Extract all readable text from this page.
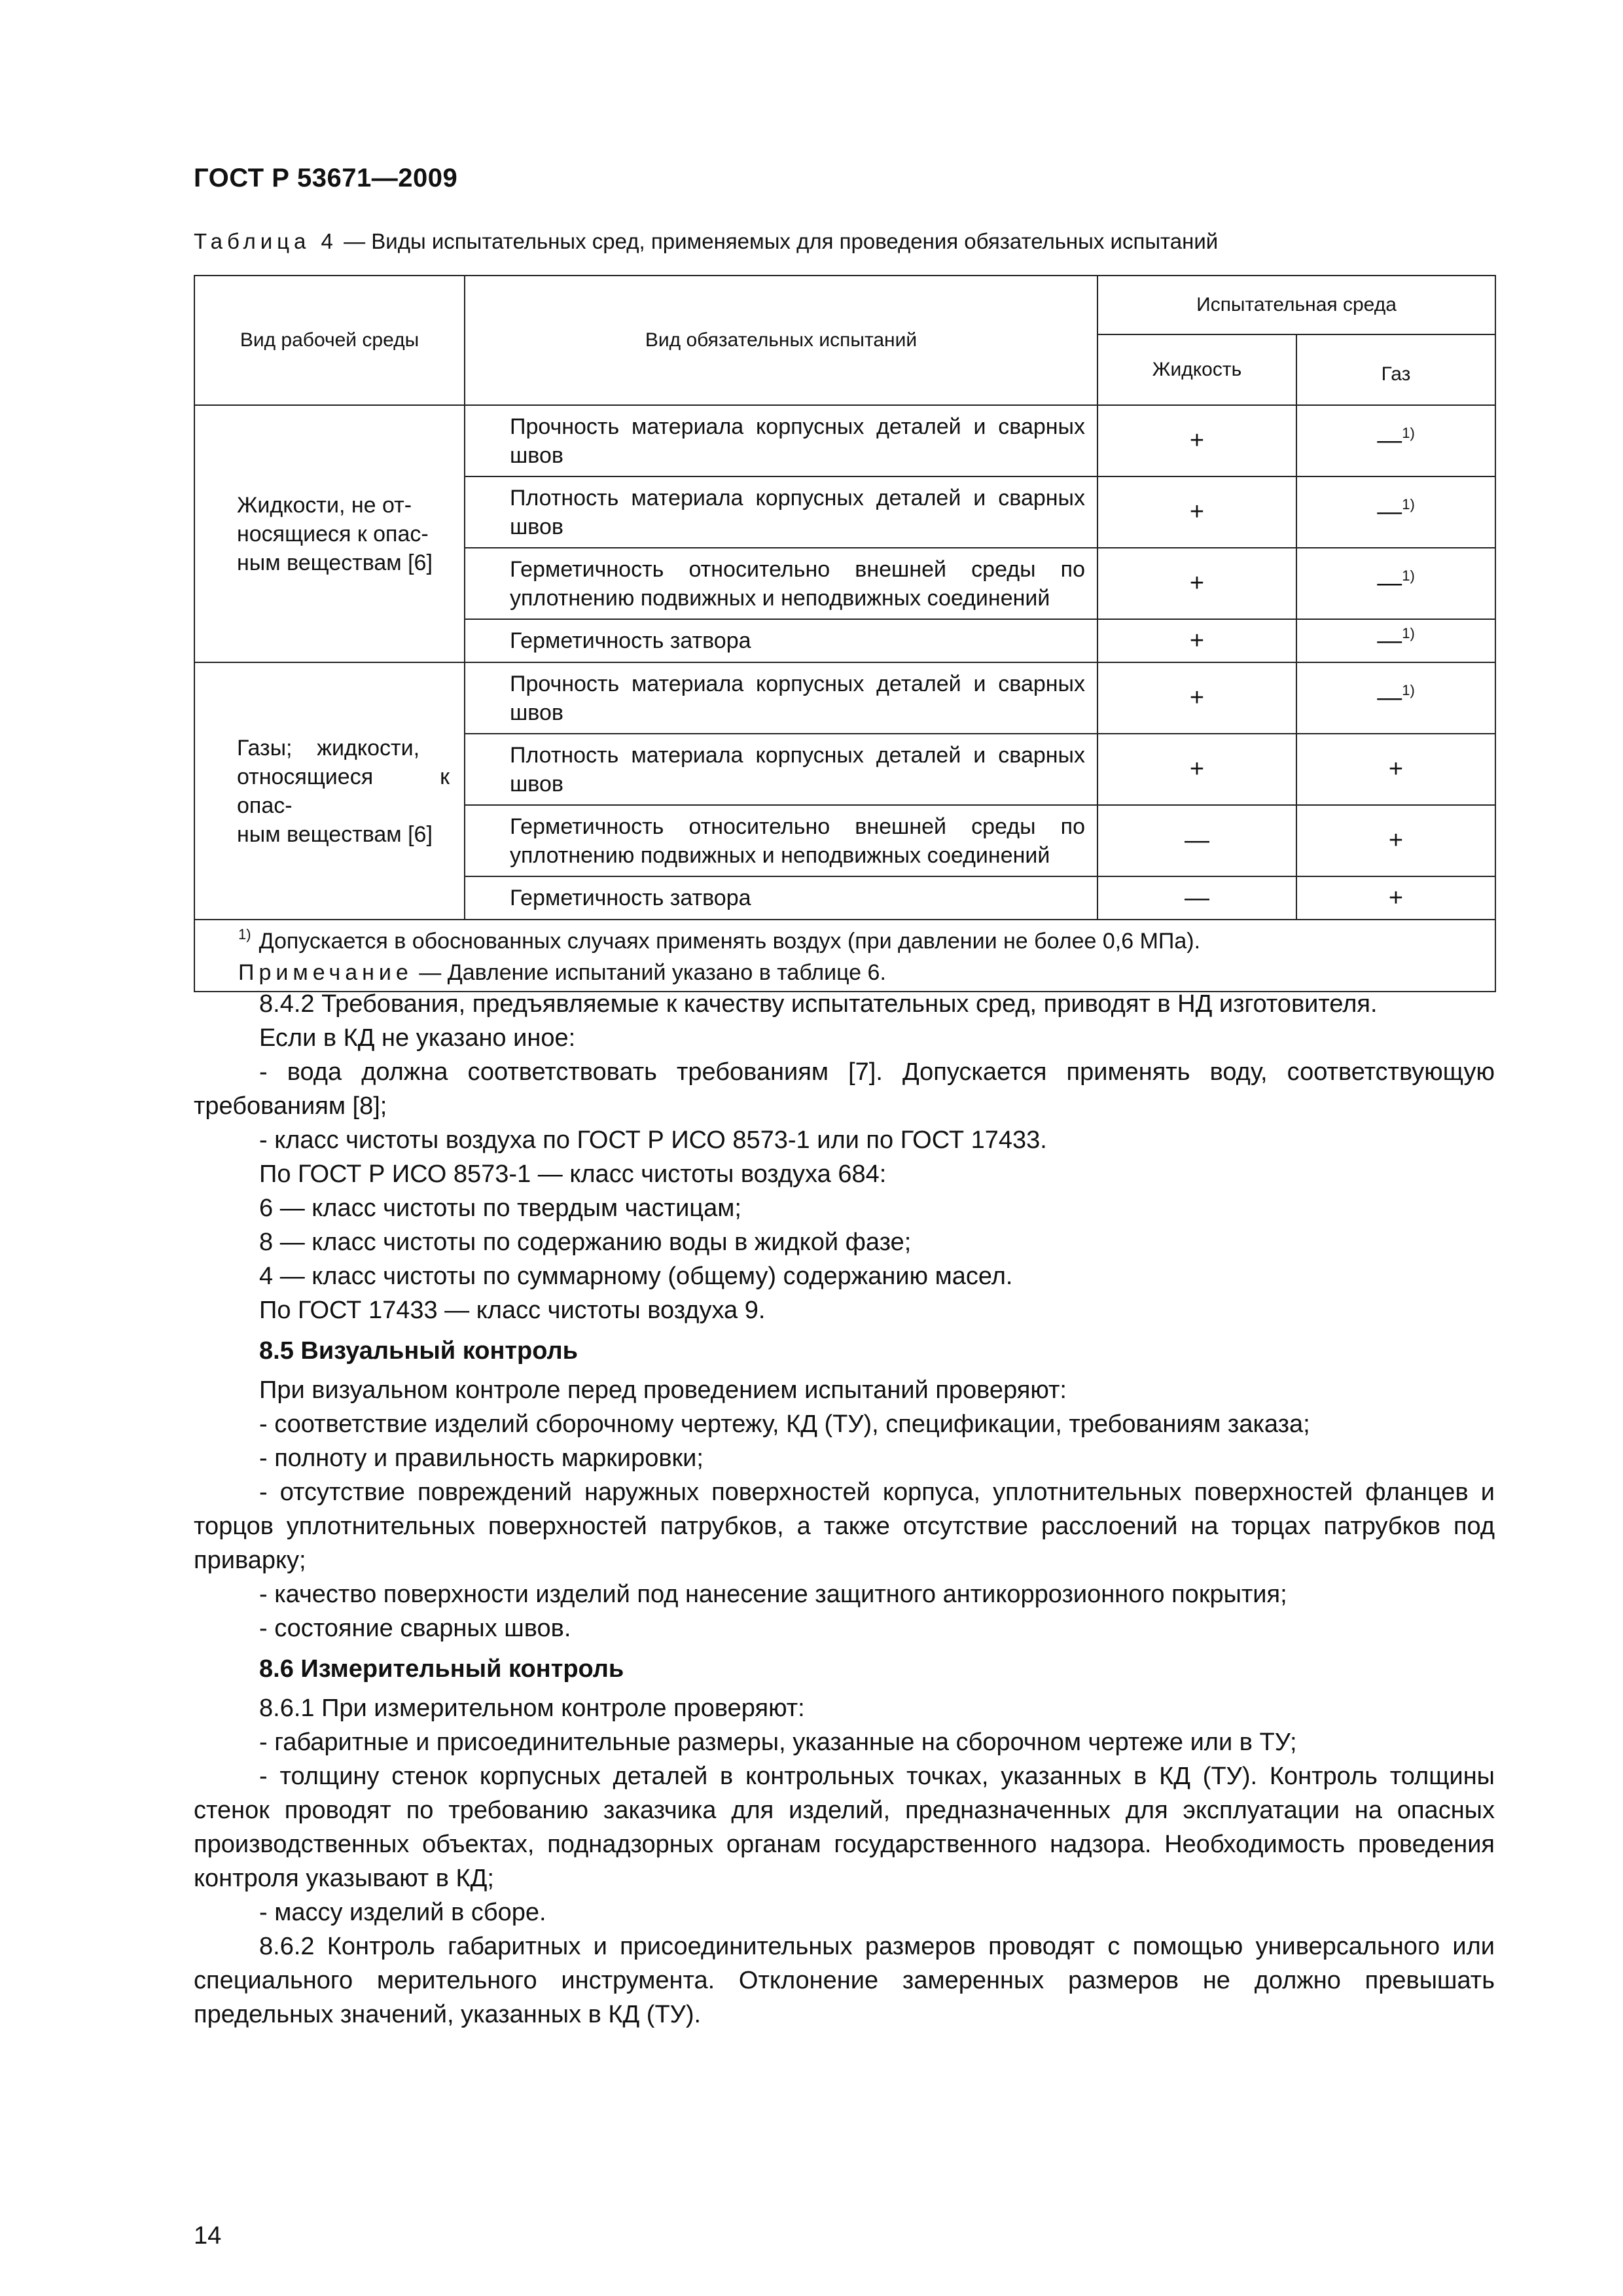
ГОСТ Р 53671—2009
Таблица 4 — Виды испытательных сред, применяемых для проведения обязательных испытаний
Вид рабочей среды	Вид обязательных испытаний	Испытательная среда	
		Жидкость	Газ

Жидкости, не от-
носящиеся к опас-
ным веществам [6]	Прочность материала корпусных деталей и сварных швов	+	—$^{1)}$
	Плотность материала корпусных деталей и сварных швов	+	—$^{1)}$
	Герметичность относительно внешней среды по уплотнению подвижных и неподвижных соединений	+	—$^{1)}$
	Герметичность затвора	+	—$^{1)}$

Газы;    жидкости,
относящиеся к опас-
ным веществам [6]	Прочность материала корпусных деталей и сварных швов	+	—$^{1)}$
	Плотность материала корпусных деталей и сварных швов	+	+
	Герметичность относительно внешней среды по уплотнению подвижных и неподвижных соединений	—	+
	Герметичность затвора	—	+

$^{1)}$ Допускается в обоснованных случаях применять воздух (при давлении не более 0,6 МПа).
Примечание — Давление испытаний указано в таблице 6.			

8.4.2 Требования, предъявляемые к качеству испытательных сред, приводят в НД изготовителя.

Если в КД не указано иное:

- вода должна соответствовать требованиям [7]. Допускается применять воду, соответствующую требованиям [8];

- класс чистоты воздуха по ГОСТ Р ИСО 8573-1 или по ГОСТ 17433.

По ГОСТ Р ИСО 8573-1 — класс чистоты воздуха 684:

6 — класс чистоты по твердым частицам;

8 — класс чистоты по содержанию воды в жидкой фазе;

4 — класс чистоты по суммарному (общему) содержанию масел.

По ГОСТ 17433 — класс чистоты воздуха 9.

8.5 Визуальный контроль

При визуальном контроле перед проведением испытаний проверяют:

- соответствие изделий сборочному чертежу, КД (ТУ), спецификации, требованиям заказа;

- полноту и правильность маркировки;

- отсутствие повреждений наружных поверхностей корпуса, уплотнительных поверхностей фланцев и торцов уплотнительных поверхностей патрубков, а также отсутствие расслоений на торцах патрубков под приварку;

- качество поверхности изделий под нанесение защитного антикоррозионного покрытия;

- состояние сварных швов.

8.6 Измерительный контроль

8.6.1 При измерительном контроле проверяют:

- габаритные и присоединительные размеры, указанные на сборочном чертеже или в ТУ;

- толщину стенок корпусных деталей в контрольных точках, указанных в КД (ТУ). Контроль толщины стенок проводят по требованию заказчика для изделий, предназначенных для эксплуатации на опасных производственных объектах, поднадзорных органам государственного надзора. Необходимость проведения контроля указывают в КД;

- массу изделий в сборе.

8.6.2 Контроль габаритных и присоединительных размеров проводят с помощью универсального или специального мерительного инструмента. Отклонение замеренных размеров не должно превышать предельных значений, указанных в КД (ТУ).

14
